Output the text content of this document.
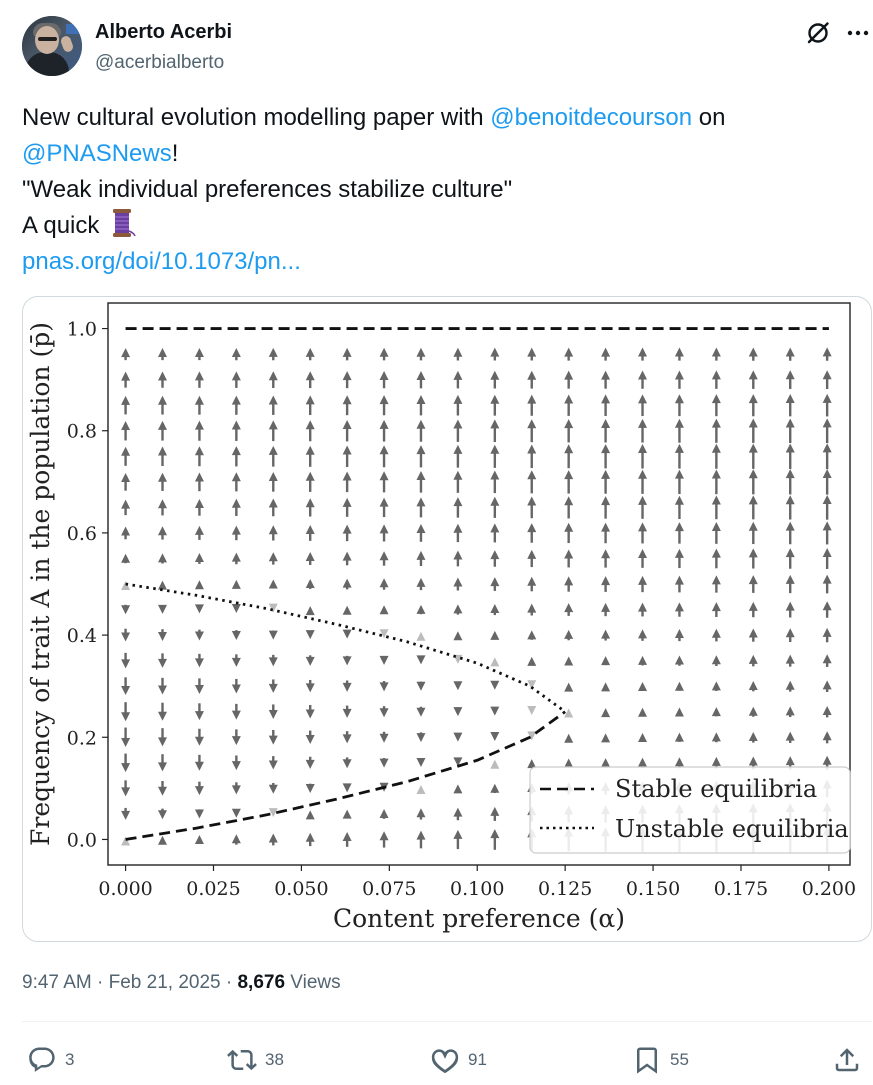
Alberto Acerbi
@acerbialberto
New cultural evolution modelling paper with @benoitdecourson on
@PNASNews!
"Weak individual preferences stabilize culture"
A quick
pnas.org/doi/10.1073/pn...
0.000 0.025 0.050 0.075 0.100 0.125 0.150 0.175 0.200
0.0
0.2
0.4
0.6
0.8
1.0
Stable equilibria
Unstable equilibria
Content preference (α)
Frequency of trait A in the population (p̄)
9:47 AM · Feb 21, 2025 · 8,676 Views
3	38	91	55
